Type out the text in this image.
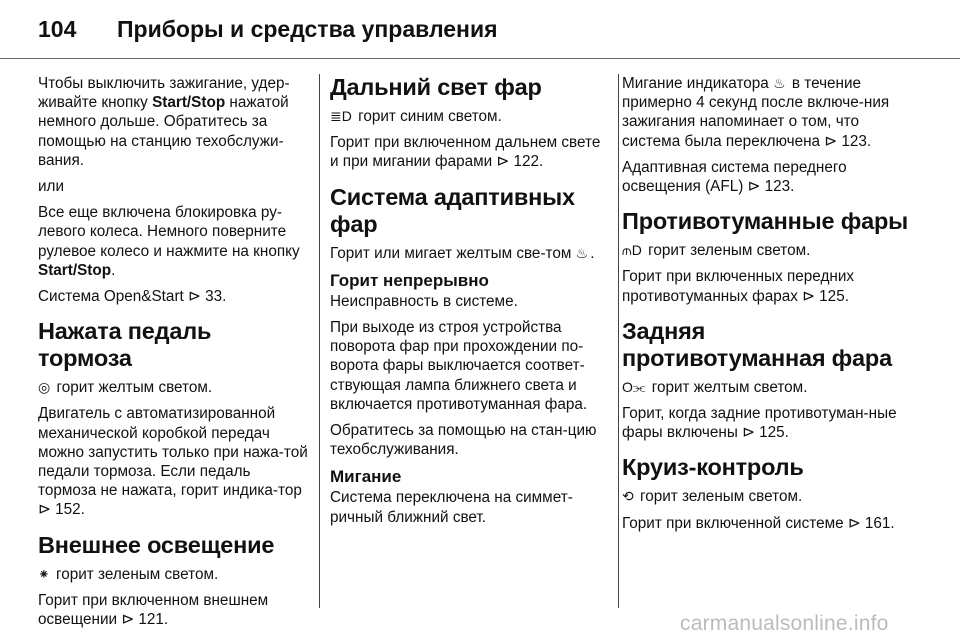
104 Приборы и средства управления

Чтобы выключить зажигание, удер-живайте кнопку Start/Stop нажатой немного дольше. Обратитесь за помощью на станцию техобслужи-вания.

или

Все еще включена блокировка ру-левого колеса. Немного поверните рулевое колесо и нажмите на кнопку Start/Stop.

Система Open&Start ⊳ 33.

Нажата педаль тормоза

◎ горит желтым светом.

Двигатель с автоматизированной механической коробкой передач можно запустить только при нажа-той педали тормоза. Если педаль тормоза не нажата, горит индика-тор ⊳ 152.

Внешнее освещение

⁕ горит зеленым светом.

Горит при включенном внешнем освещении ⊳ 121.

Дальний свет фар

≣D горит синим светом.

Горит при включенном дальнем свете и при мигании фарами ⊳ 122.

Система адаптивных фар

Горит или мигает желтым све-том ♨ .

Горит непрерывно

Неисправность в системе.

При выходе из строя устройства поворота фар при прохождении по-ворота фары выключается соответ-ствующая лампа ближнего света и включается противотуманная фара.

Обратитесь за помощью на стан-цию техобслуживания.

Мигание

Система переключена на симмет-ричный ближний свет.

Мигание индикатора ♨ в течение примерно 4 секунд после включе-ния зажигания напоминает о том, что система была переключена ⊳ 123.

Адаптивная система переднего освещения (AFL) ⊳ 123.

Противотуманные фары

⫙D горит зеленым светом.

Горит при включенных передних противотуманных фарах ⊳ 125.

Задняя противотуманная фара

O⫘ горит желтым светом.

Горит, когда задние противотуман-ные фары включены ⊳ 125.

Круиз-контроль

⟲ горит зеленым светом.

Горит при включенной системе ⊳ 161.

carmanualsonline.info
